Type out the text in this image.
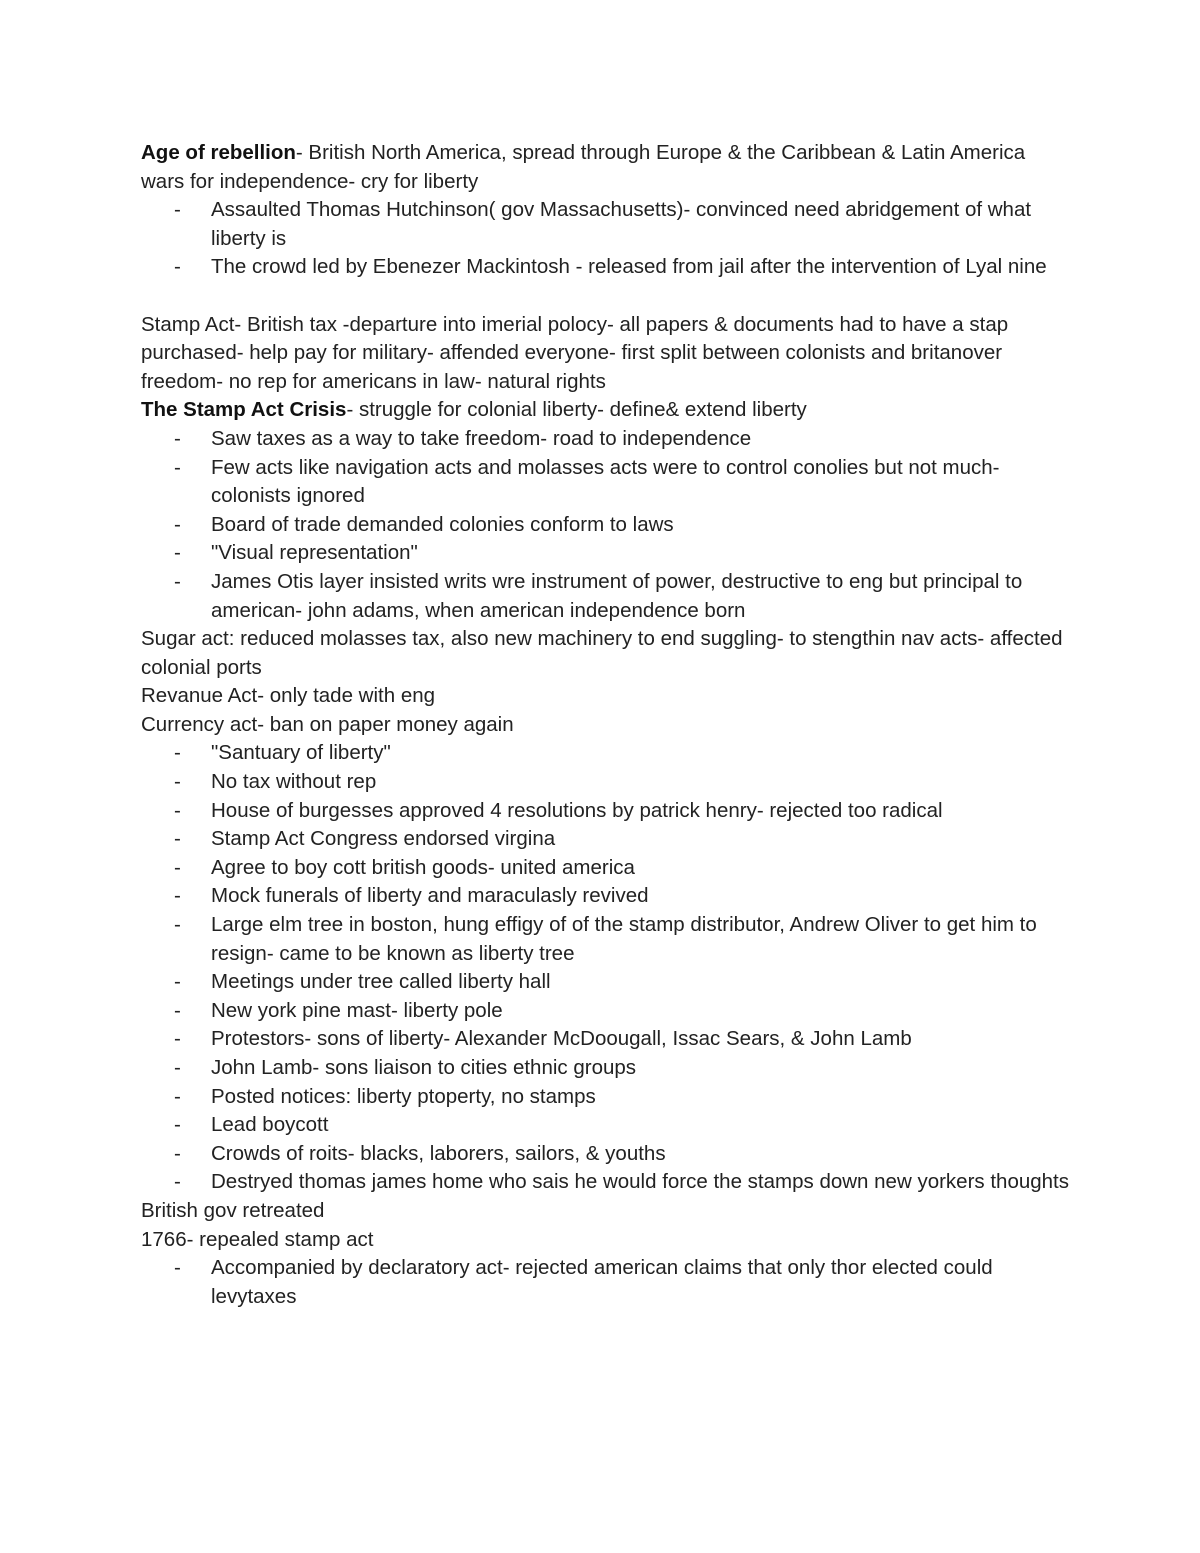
Age of rebellion- British North America, spread through Europe & the Caribbean & Latin America wars for independence- cry for liberty

- Assaulted Thomas Hutchinson( gov Massachusetts)- convinced need abridgement of what liberty is
- The crowd led by Ebenezer Mackintosh - released from jail after the intervention of Lyal nine

Stamp Act- British tax -departure into imerial polocy- all papers & documents had to have a stap purchased- help pay for military- affended everyone- first split between colonists and britanover freedom- no rep for americans in law- natural rights

The Stamp Act Crisis- struggle for colonial liberty- define& extend liberty

- Saw taxes as a way to take freedom- road to independence
- Few acts like navigation acts and molasses acts were to control conolies but not much- colonists ignored
- Board of trade demanded colonies conform to laws
- "Visual representation"
- James Otis layer insisted writs wre instrument of power, destructive to eng but principal to american- john adams, when american independence born

Sugar act: reduced molasses tax, also new machinery to end suggling- to stengthin nav acts- affected colonial ports

Revanue Act- only tade with eng

Currency act- ban on paper money again

- "Santuary of liberty"
- No tax without rep
- House of burgesses approved 4 resolutions by patrick henry- rejected too radical
- Stamp Act Congress endorsed virgina
- Agree to boy cott british goods- united america
- Mock funerals of liberty and maraculasly revived
- Large elm tree in boston, hung effigy of of the stamp distributor, Andrew Oliver to get him to resign- came to be known as liberty tree
- Meetings under tree called liberty hall
- New york pine mast- liberty pole
- Protestors- sons of liberty- Alexander McDoougall, Issac Sears, & John Lamb
- John Lamb- sons liaison to cities ethnic groups
- Posted notices: liberty ptoperty, no stamps
- Lead boycott
- Crowds of roits- blacks, laborers, sailors, & youths
- Destryed thomas james home who sais he would force the stamps down new yorkers thoughts

British gov retreated

1766- repealed stamp act

- Accompanied by declaratory act- rejected american claims that only thor elected could levytaxes
